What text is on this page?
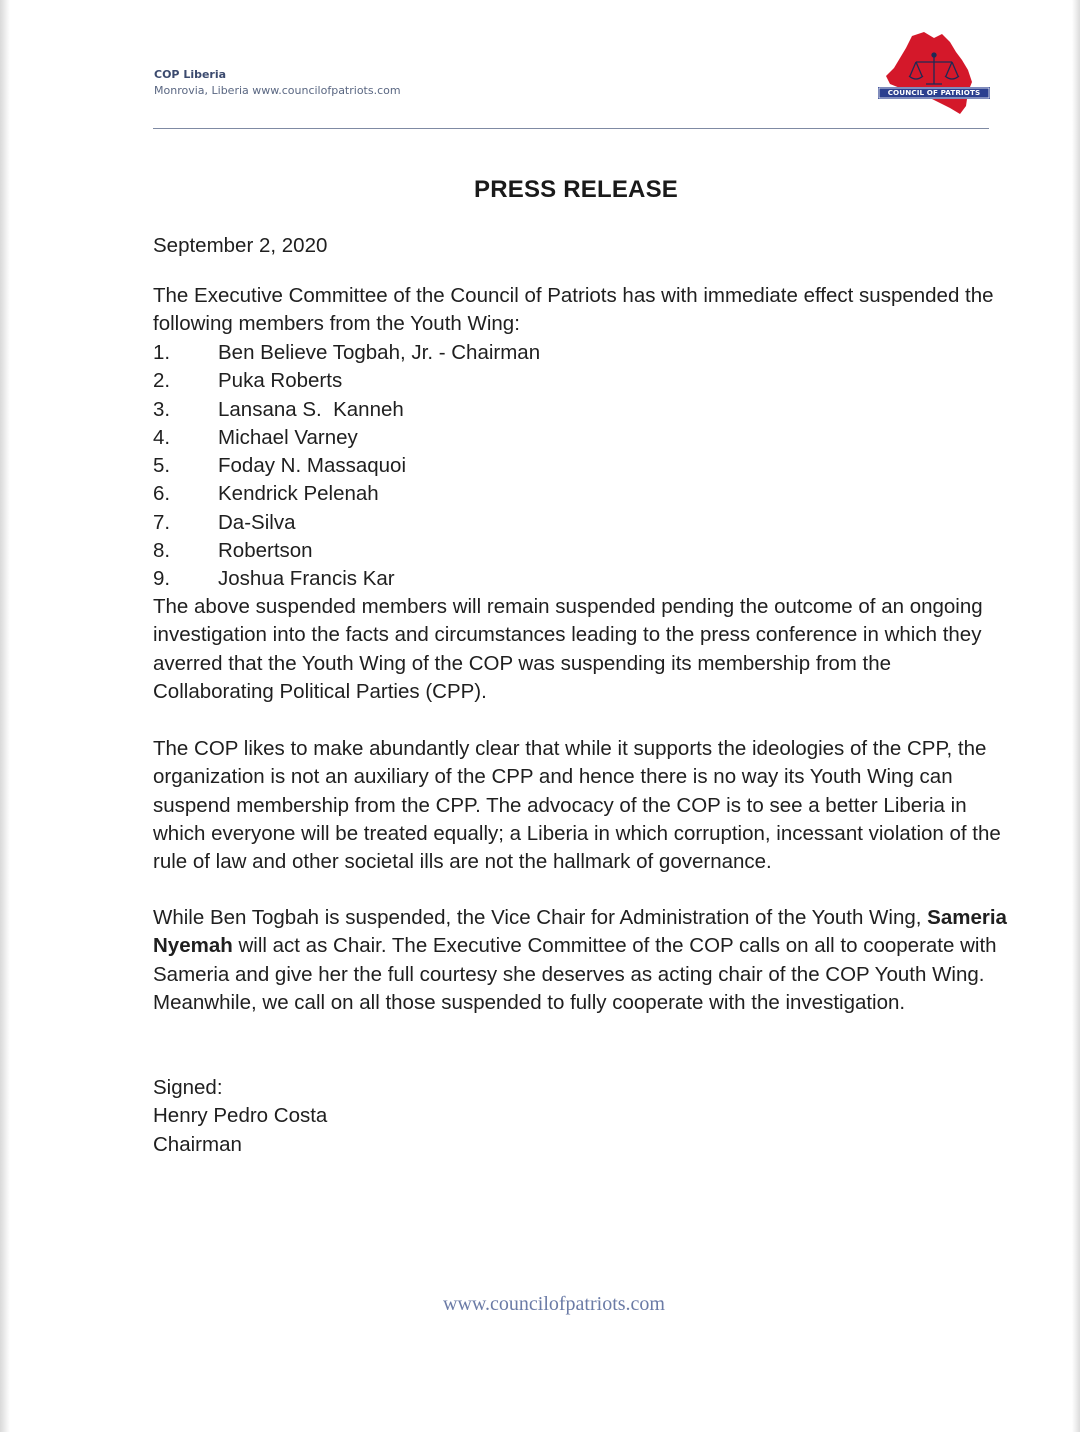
COP Liberia
Monrovia, Liberia www.councilofpatriots.com	COUNCIL OF PATRIOTS
PRESS RELEASE
September 2, 2020
The Executive Committee of the Council of Patriots has with immediate effect suspended the following members from the Youth Wing:
1. Ben Believe Togbah, Jr. - Chairman
2. Puka Roberts
3. Lansana S.  Kanneh
4. Michael Varney
5. Foday N. Massaquoi
6. Kendrick Pelenah
7. Da-Silva
8. Robertson
9. Joshua Francis Kar
The above suspended members will remain suspended pending the outcome of an ongoing investigation into the facts and circumstances leading to the press conference in which they averred that the Youth Wing of the COP was suspending its membership from the Collaborating Political Parties (CPP).
The COP likes to make abundantly clear that while it supports the ideologies of the CPP, the organization is not an auxiliary of the CPP and hence there is no way its Youth Wing can suspend membership from the CPP. The advocacy of the COP is to see a better Liberia in which everyone will be treated equally; a Liberia in which corruption, incessant violation of the rule of law and other societal ills are not the hallmark of governance.
While Ben Togbah is suspended, the Vice Chair for Administration of the Youth Wing, Sameria Nyemah will act as Chair. The Executive Committee of the COP calls on all to cooperate with Sameria and give her the full courtesy she deserves as acting chair of the COP Youth Wing. Meanwhile, we call on all those suspended to fully cooperate with the investigation.
Signed:
Henry Pedro Costa
Chairman
www.councilofpatriots.com
